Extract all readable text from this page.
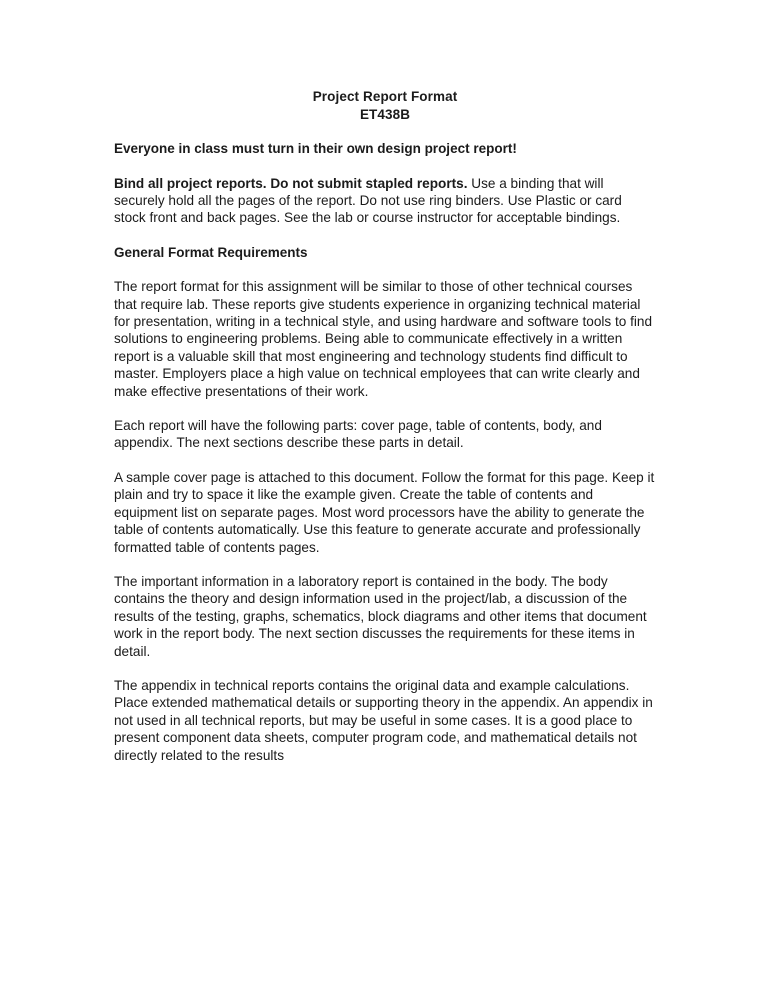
Project Report Format
ET438B

Everyone in class must turn in their own design project report!

Bind all project reports. Do not submit stapled reports. Use a binding that will securely hold all the pages of the report. Do not use ring binders. Use Plastic or card stock front and back pages. See the lab or course instructor for acceptable bindings.

General Format Requirements

The report format for this assignment will be similar to those of other technical courses that require lab. These reports give students experience in organizing technical material for presentation, writing in a technical style, and using hardware and software tools to find solutions to engineering problems. Being able to communicate effectively in a written report is a valuable skill that most engineering and technology students find difficult to master. Employers place a high value on technical employees that can write clearly and make effective presentations of their work.

Each report will have the following parts: cover page, table of contents, body, and appendix. The next sections describe these parts in detail.

A sample cover page is attached to this document. Follow the format for this page. Keep it plain and try to space it like the example given. Create the table of contents and equipment list on separate pages. Most word processors have the ability to generate the table of contents automatically. Use this feature to generate accurate and professionally formatted table of contents pages.

The important information in a laboratory report is contained in the body. The body contains the theory and design information used in the project/lab, a discussion of the results of the testing, graphs, schematics, block diagrams and other items that document work in the report body. The next section discusses the requirements for these items in detail.

The appendix in technical reports contains the original data and example calculations. Place extended mathematical details or supporting theory in the appendix. An appendix in not used in all technical reports, but may be useful in some cases. It is a good place to present component data sheets, computer program code, and mathematical details not directly related to the results
